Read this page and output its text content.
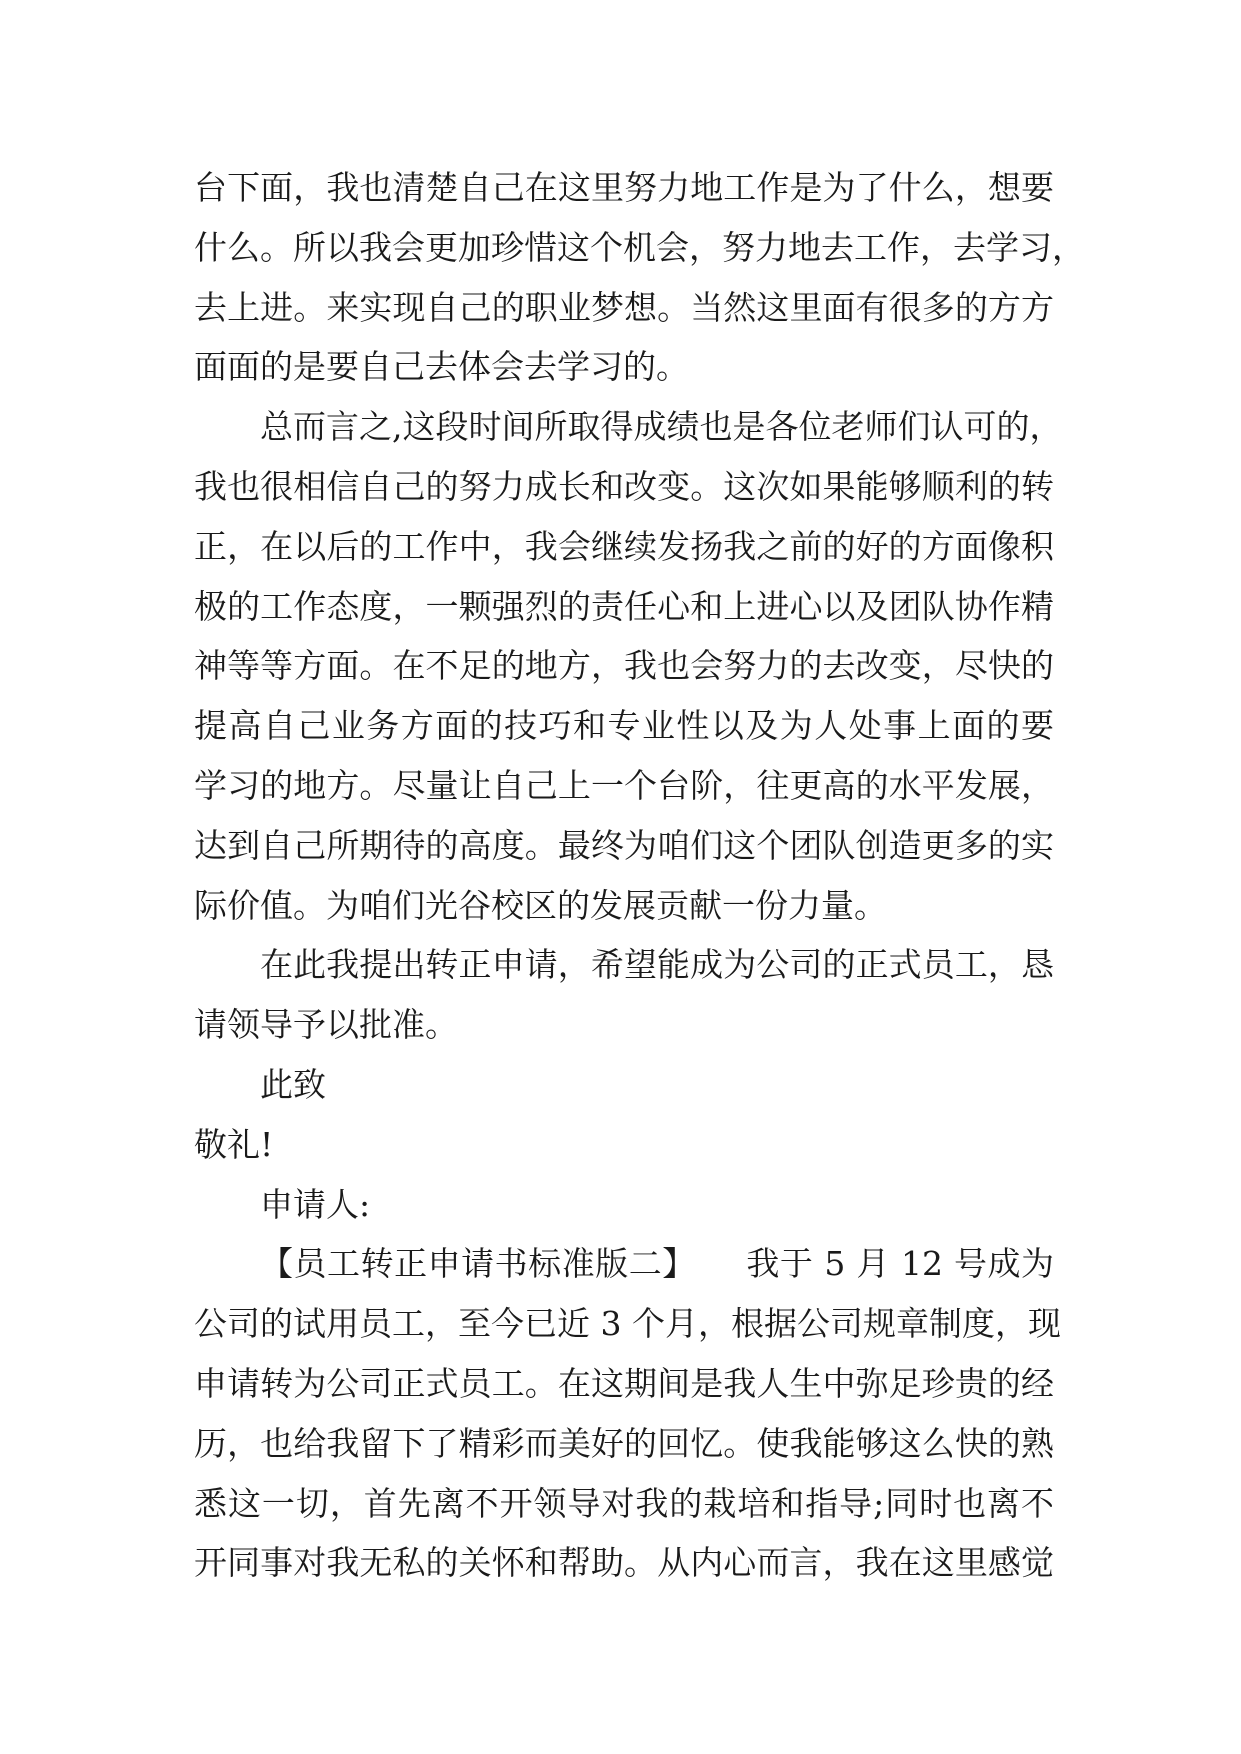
台下面，我也清楚自己在这里努力地工作是为了什么，想要
什么。所以我会更加珍惜这个机会，努力地去工作，去学习，
去上进。来实现自己的职业梦想。当然这里面有很多的方方
面面的是要自己去体会去学习的。
总而言之,这段时间所取得成绩也是各位老师们认可的，
我也很相信自己的努力成长和改变。这次如果能够顺利的转
正，在以后的工作中，我会继续发扬我之前的好的方面像积
极的工作态度，一颗强烈的责任心和上进心以及团队协作精
神等等方面。在不足的地方，我也会努力的去改变，尽快的
提高自己业务方面的技巧和专业性以及为人处事上面的要
学习的地方。尽量让自己上一个台阶，往更高的水平发展，
达到自己所期待的高度。最终为咱们这个团队创造更多的实
际价值。为咱们光谷校区的发展贡献一份力量。
在此我提出转正申请，希望能成为公司的正式员工，恳
请领导予以批准。
此致
敬礼!
申请人:
【员工转正申请书标准版二】　　我于 5 月 12 号成为
公司的试用员工，至今已近 3 个月，根据公司规章制度，现
申请转为公司正式员工。在这期间是我人生中弥足珍贵的经
历，也给我留下了精彩而美好的回忆。使我能够这么快的熟
悉这一切，首先离不开领导对我的栽培和指导;同时也离不
开同事对我无私的关怀和帮助。从内心而言，我在这里感觉
